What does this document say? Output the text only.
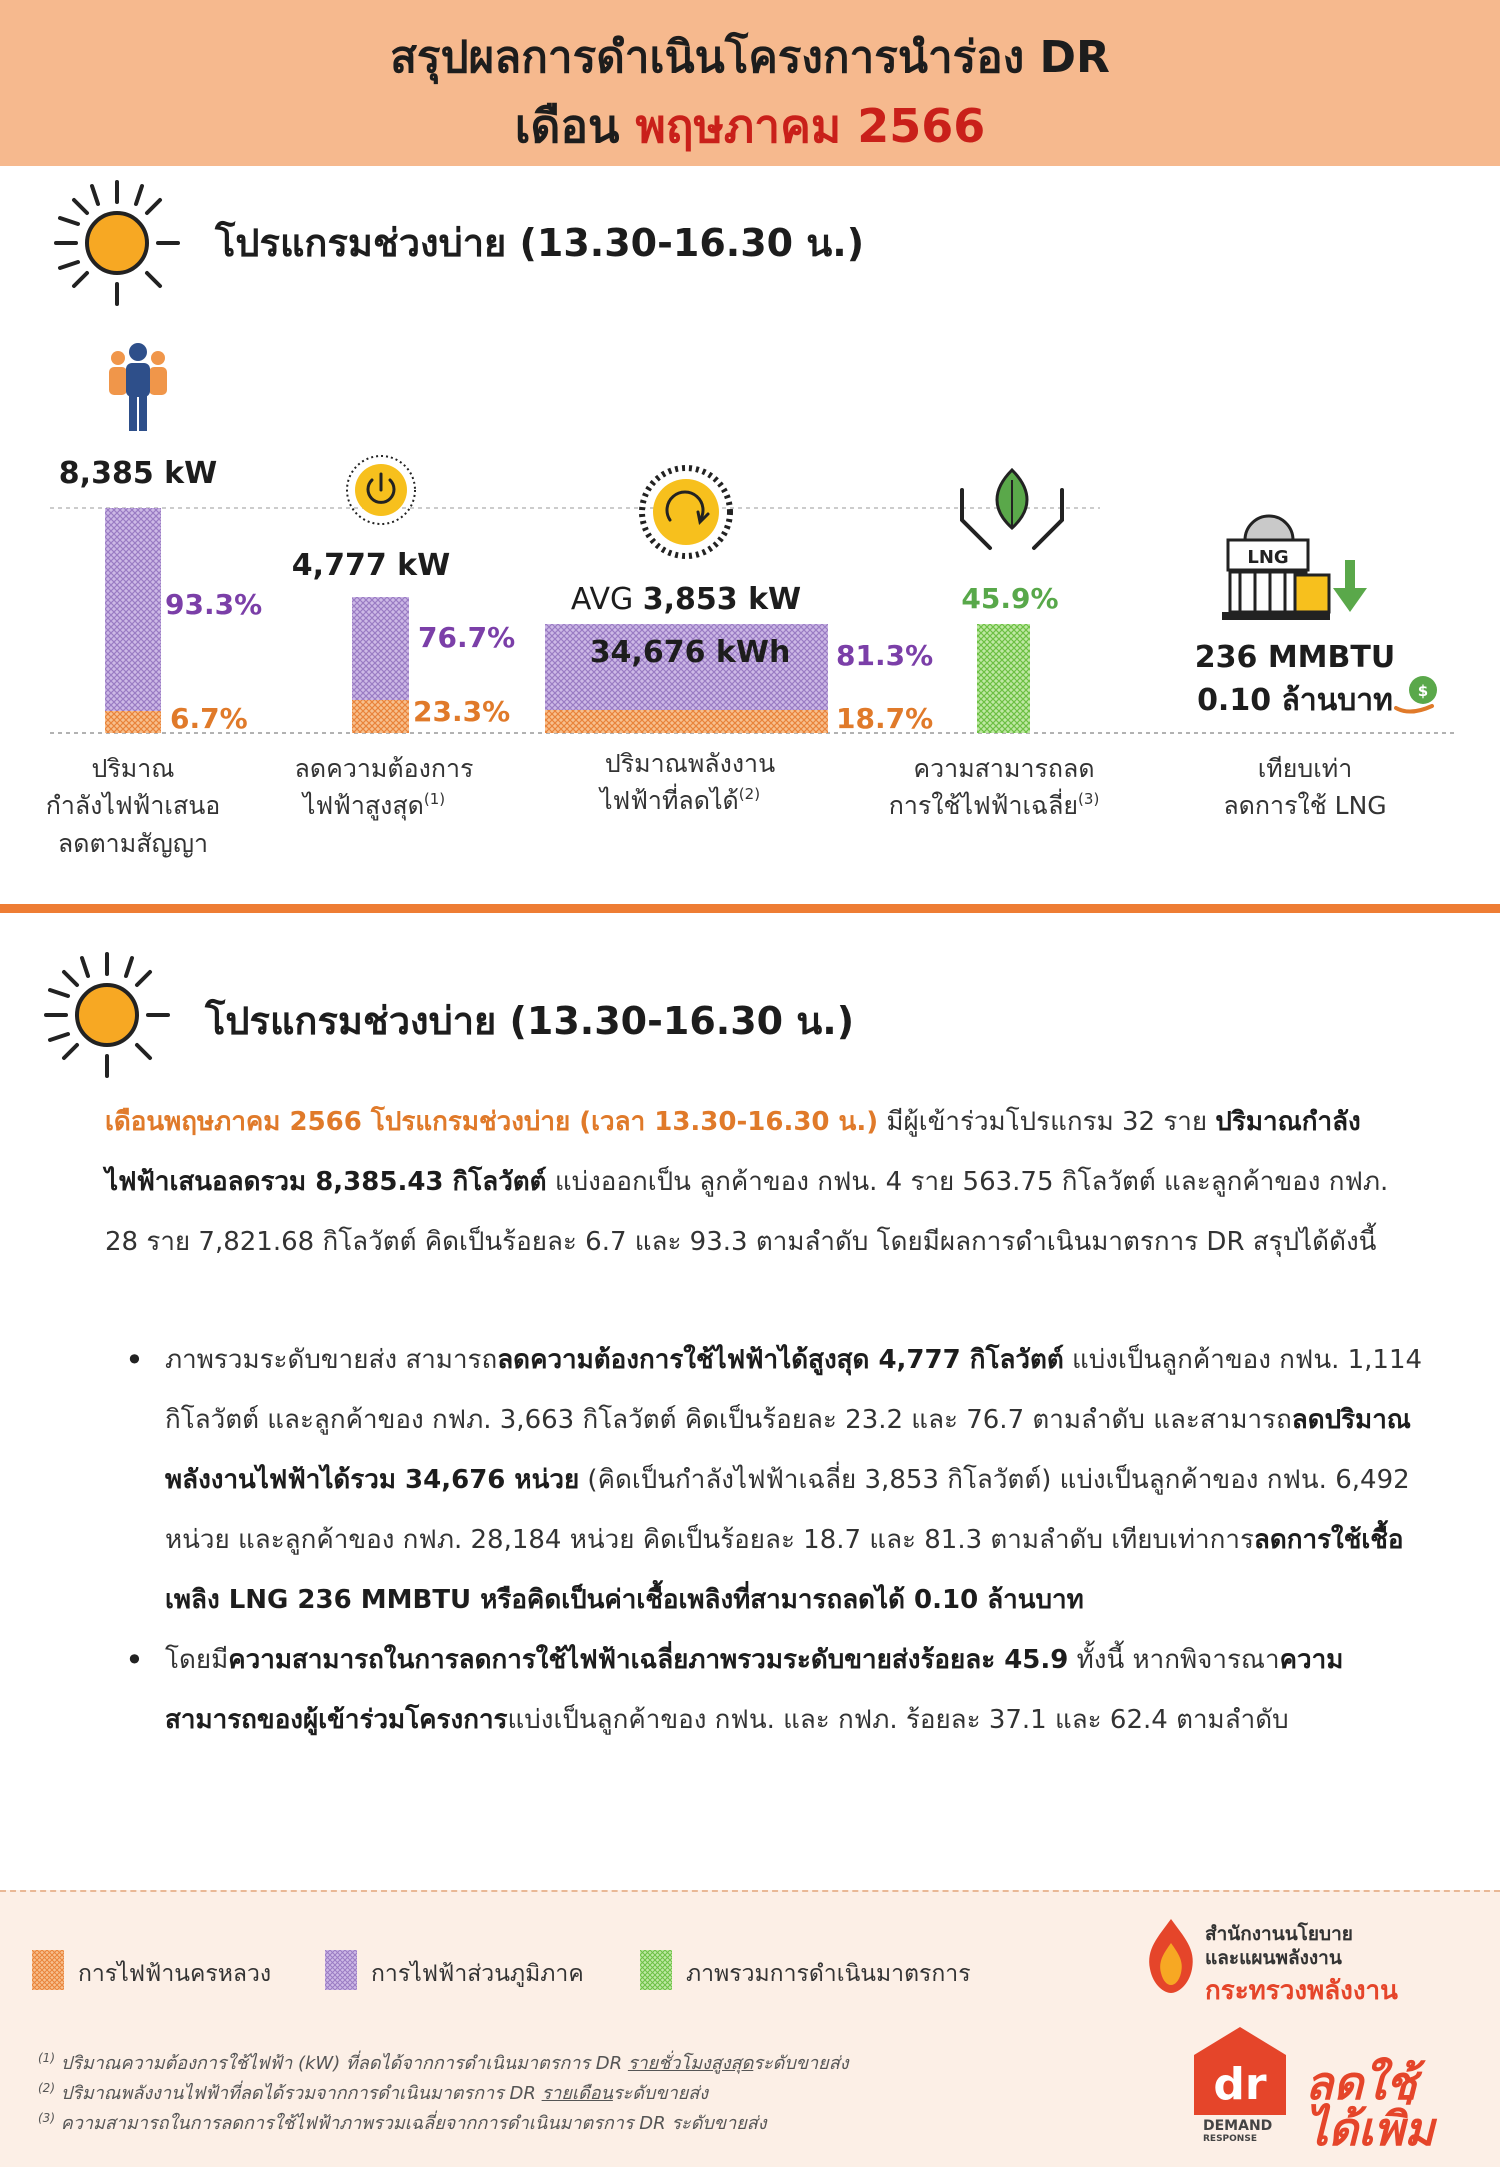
สรุปผลการดำเนินโครงการนำร่อง DR
เดือน พฤษภาคม 2566
โปรแกรมช่วงบ่าย (13.30-16.30 น.)
8,385 kW
93.3%
6.7%
4,777 kW
76.7%
23.3%
AVG 3,853 kW
34,676 kWh 81.3%
18.7%
45.9%
LNG
236 MMBTU
0.10 ล้านบาท $
ปริมาณ
กำลังไฟฟ้าเสนอ
ลดตามสัญญา
ลดความต้องการ
ไฟฟ้าสูงสุด$^{(1)}$
ปริมาณพลังงาน
ไฟฟ้าที่ลดได้$^{(2)}$
ความสามารถลด
การใช้ไฟฟ้าเฉลี่ย$^{(3)}$
เทียบเท่า
ลดการใช้ LNG
โปรแกรมช่วงบ่าย (13.30-16.30 น.)
เดือนพฤษภาคม 2566 โปรแกรมช่วงบ่าย (เวลา 13.30-16.30 น.) มีผู้เข้าร่วมโปรแกรม 32 ราย ปริมาณกำลังไฟฟ้าเสนอลดรวม 8,385.43 กิโลวัตต์ แบ่งออกเป็น ลูกค้าของ กฟน. 4 ราย 563.75 กิโลวัตต์ และลูกค้าของ กฟภ. 28 ราย 7,821.68 กิโลวัตต์ คิดเป็นร้อยละ 6.7 และ 93.3 ตามลำดับ โดยมีผลการดำเนินมาตรการ DR สรุปได้ดังนี้
• ภาพรวมระดับขายส่ง สามารถลดความต้องการใช้ไฟฟ้าได้สูงสุด 4,777 กิโลวัตต์ แบ่งเป็นลูกค้าของ กฟน. 1,114 กิโลวัตต์ และลูกค้าของ กฟภ. 3,663 กิโลวัตต์ คิดเป็นร้อยละ 23.2 และ 76.7 ตามลำดับ และสามารถลดปริมาณพลังงานไฟฟ้าได้รวม 34,676 หน่วย (คิดเป็นกำลังไฟฟ้าเฉลี่ย 3,853 กิโลวัตต์) แบ่งเป็นลูกค้าของ กฟน. 6,492 หน่วย และลูกค้าของ กฟภ. 28,184 หน่วย คิดเป็นร้อยละ 18.7 และ 81.3 ตามลำดับ เทียบเท่าการลดการใช้เชื้อเพลิง LNG 236 MMBTU หรือคิดเป็นค่าเชื้อเพลิงที่สามารถลดได้ 0.10 ล้านบาท
• โดยมีความสามารถในการลดการใช้ไฟฟ้าเฉลี่ยภาพรวมระดับขายส่งร้อยละ 45.9 ทั้งนี้ หากพิจารณาความสามารถของผู้เข้าร่วมโครงการแบ่งเป็นลูกค้าของ กฟน. และ กฟภ. ร้อยละ 37.1 และ 62.4 ตามลำดับ
การไฟฟ้านครหลวง	การไฟฟ้าส่วนภูมิภาค	ภาพรวมการดำเนินมาตรการ
$^{(1)}$ ปริมาณความต้องการใช้ไฟฟ้า (kW) ที่ลดได้จากการดำเนินมาตรการ DR รายชั่วโมงสูงสุดระดับขายส่ง
$^{(2)}$ ปริมาณพลังงานไฟฟ้าที่ลดได้รวมจากการดำเนินมาตรการ DR รายเดือนระดับขายส่ง
$^{(3)}$ ความสามารถในการลดการใช้ไฟฟ้าภาพรวมเฉลี่ยจากการดำเนินมาตรการ DR ระดับขายส่ง
สำนักงานนโยบาย
และแผนพลังงาน
กระทรวงพลังงาน
dr
DEMAND
RESPONSE
ลดใช้
ได้เพิ่ม
